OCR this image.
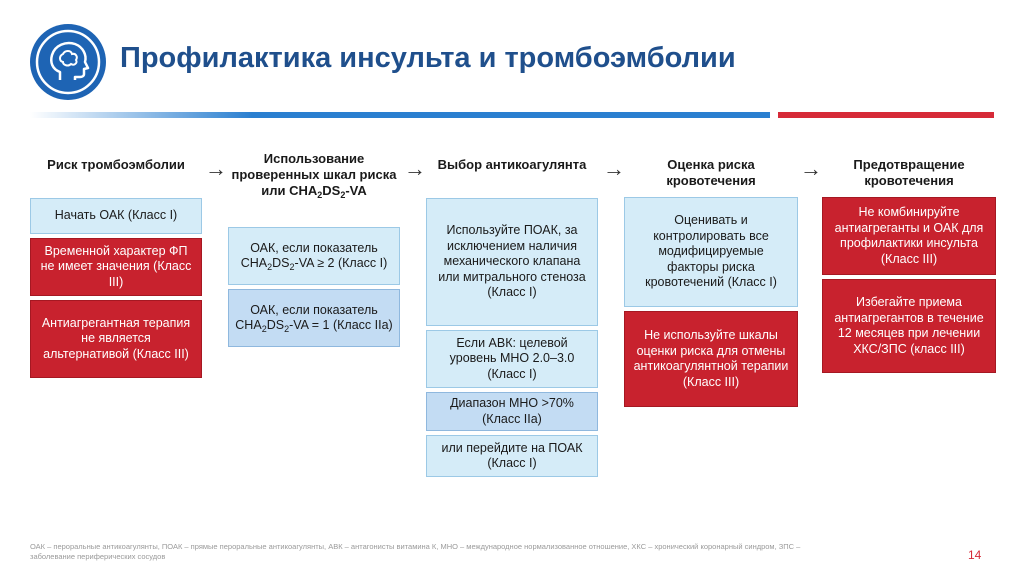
Профилактика инсульта и тромбоэмболии
Риск тромбоэмболии	Использование проверенных шкал риска или $CHA_2DS_2-VA$
Выбор антикоагулянта	Оценка риска кровотечения
Предотвращение кровотечения
→	→	→	→
Начать ОАК (Класс I)
Временной характер ФП не имеет значения (Класс III)
Антиагрегантная терапия не является альтернативой (Класс III)
ОАК, если показатель $CHA_2DS_2-VA \ge 2$ (Класс I)
ОАК, если показатель $CHA_2DS_2-VA = 1$ (Класс IIa)
Используйте ПОАК, за исключением наличия механического клапана или митрального стеноза (Класс I)
Если АВК: целевой уровень МНО 2.0–3.0 (Класс I)
Диапазон МНО >70% (Класс IIa)
или перейдите на ПОАК (Класс I)
Оценивать и контролировать все модифицируемые факторы риска кровотечений (Класс I)
Не используйте шкалы оценки риска для отмены антикоагулянтной терапии (Класс III)
Не комбинируйте антиагреганты и ОАК для профилактики инсульта (Класс III)
Избегайте приема антиагрегантов в течение 12 месяцев при лечении ХКС/ЗПС (класс III)
ОАК – пероральные антикоагулянты, ПОАК – прямые пероральные антикоагулянты, АВК – антагонисты витамина К, МНО – международное нормализованное отношение, ХКС – хронический коронарный синдром, ЗПС – заболевание периферических сосудов	14
